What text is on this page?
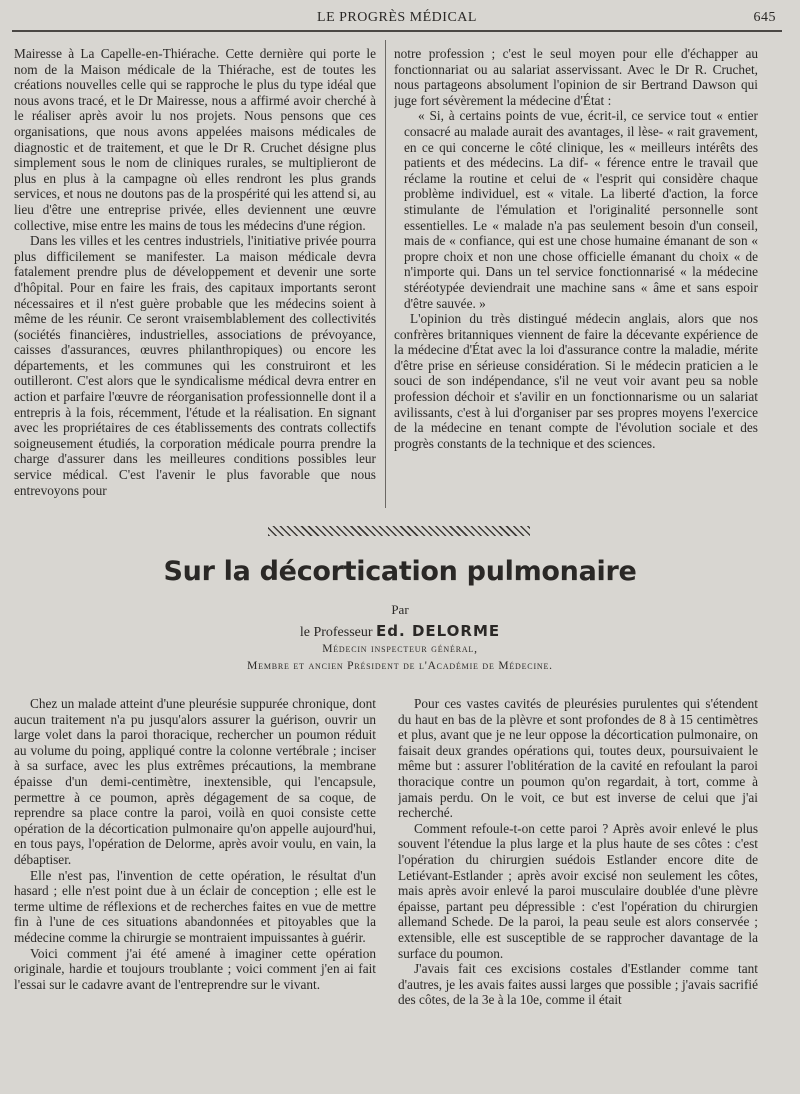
LE PROGRÈS MÉDICAL	645

Mairesse à La Capelle-en-Thiérache. Cette dernière qui porte le nom de la Maison médicale de la Thiérache, est de toutes les créations nouvelles celle qui se rapproche le plus du type idéal que nous avons tracé, et le Dr Mairesse, nous a affirmé avoir cherché à le réaliser après avoir lu nos projets. Nous pensons que ces organisations, que nous avons appelées maisons médicales de diagnostic et de traitement, et que le Dr R. Cruchet désigne plus simplement sous le nom de cliniques rurales, se multiplieront de plus en plus à la campagne où elles rendront les plus grands services, et nous ne doutons pas de la prospérité qui les attend si, au lieu d'être une entreprise privée, elles deviennent une œuvre collective, mise entre les mains de tous les médecins d'une région.

Dans les villes et les centres industriels, l'initiative privée pourra plus difficilement se manifester. La maison médicale devra fatalement prendre plus de développement et devenir une sorte d'hôpital. Pour en faire les frais, des capitaux importants seront nécessaires et il n'est guère probable que les médecins soient à même de les réunir. Ce seront vraisemblablement des collectivités (sociétés financières, industrielles, associations de prévoyance, caisses d'assurances, œuvres philanthropiques) ou encore les départements, et les communes qui les construiront et les outilleront. C'est alors que le syndicalisme médical devra entrer en action et parfaire l'œuvre de réorganisation professionnelle dont il a entrepris à la fois, récemment, l'étude et la réalisation. En signant avec les propriétaires de ces établissements des contrats collectifs soigneusement étudiés, la corporation médicale pourra prendre la charge d'assurer dans les meilleures conditions possibles leur service médical. C'est l'avenir le plus favorable que nous entrevoyons pour

notre profession ; c'est le seul moyen pour elle d'échapper au fonctionnariat ou au salariat asservissant. Avec le Dr R. Cruchet, nous partageons absolument l'opinion de sir Bertrand Dawson qui juge fort sévèrement la médecine d'État :

« Si, à certains points de vue, écrit-il, ce service tout « entier consacré au malade aurait des avantages, il lèse- « rait gravement, en ce qui concerne le côté clinique, les « meilleurs intérêts des patients et des médecins. La dif- « férence entre le travail que réclame la routine et celui de « l'esprit qui considère chaque problème individuel, est « vitale. La liberté d'action, la force stimulante de l'émulation et l'originalité personnelle sont essentielles. Le « malade n'a pas seulement besoin d'un conseil, mais de « confiance, qui est une chose humaine émanant de son « propre choix et non une chose officielle émanant du choix « de n'importe qui. Dans un tel service fonctionnarisé « la médecine stéréotypée deviendrait une machine sans « âme et sans espoir d'être sauvée. »

L'opinion du très distingué médecin anglais, alors que nos confrères britanniques viennent de faire la décevante expérience de la médecine d'État avec la loi d'assurance contre la maladie, mérite d'être prise en sérieuse considération. Si le médecin praticien a le souci de son indépendance, s'il ne veut voir avant peu sa noble profession déchoir et s'avilir en un fonctionnarisme ou un salariat avilissants, c'est à lui d'organiser par ses propres moyens l'exercice de la médecine en tenant compte de l'évolution sociale et des progrès constants de la technique et des sciences.

Sur la décortication pulmonaire
Par
le Professeur Ed. DELORME
Médecin inspecteur général,
Membre et ancien Président de l'Académie de Médecine.

Chez un malade atteint d'une pleurésie suppurée chronique, dont aucun traitement n'a pu jusqu'alors assurer la guérison, ouvrir un large volet dans la paroi thoracique, rechercher un poumon réduit au volume du poing, appliqué contre la colonne vertébrale ; inciser à sa surface, avec les plus extrêmes précautions, la membrane épaisse d'un demi-centimètre, inextensible, qui l'encapsule, permettre à ce poumon, après dégagement de sa coque, de reprendre sa place contre la paroi, voilà en quoi consiste cette opération de la décortication pulmonaire qu'on appelle aujourd'hui, en tous pays, l'opération de Delorme, après avoir voulu, en vain, la débaptiser.

Elle n'est pas, l'invention de cette opération, le résultat d'un hasard ; elle n'est point due à un éclair de conception ; elle est le terme ultime de réflexions et de recherches faites en vue de mettre fin à l'une de ces situations abandonnées et pitoyables que la médecine comme la chirurgie se montraient impuissantes à guérir.

Voici comment j'ai été amené à imaginer cette opération originale, hardie et toujours troublante ; voici comment j'en ai fait l'essai sur le cadavre avant de l'entreprendre sur le vivant.

Pour ces vastes cavités de pleurésies purulentes qui s'étendent du haut en bas de la plèvre et sont profondes de 8 à 15 centimètres et plus, avant que je ne leur oppose la décortication pulmonaire, on faisait deux grandes opérations qui, toutes deux, poursuivaient le même but : assurer l'oblitération de la cavité en refoulant la paroi thoracique contre un poumon qu'on regardait, à tort, comme à jamais perdu. On le voit, ce but est inverse de celui que j'ai recherché.

Comment refoule-t-on cette paroi ? Après avoir enlevé le plus souvent l'étendue la plus large et la plus haute de ses côtes : c'est l'opération du chirurgien suédois Estlander encore dite de Letiévant-Estlander ; après avoir excisé non seulement les côtes, mais après avoir enlevé la paroi musculaire doublée d'une plèvre épaisse, partant peu dépressible : c'est l'opération du chirurgien allemand Schede. De la paroi, la peau seule est alors conservée ; extensible, elle est susceptible de se rapprocher davantage de la surface du poumon.

J'avais fait ces excisions costales d'Estlander comme tant d'autres, je les avais faites aussi larges que possible ; j'avais sacrifié des côtes, de la 3e à la 10e, comme il était
